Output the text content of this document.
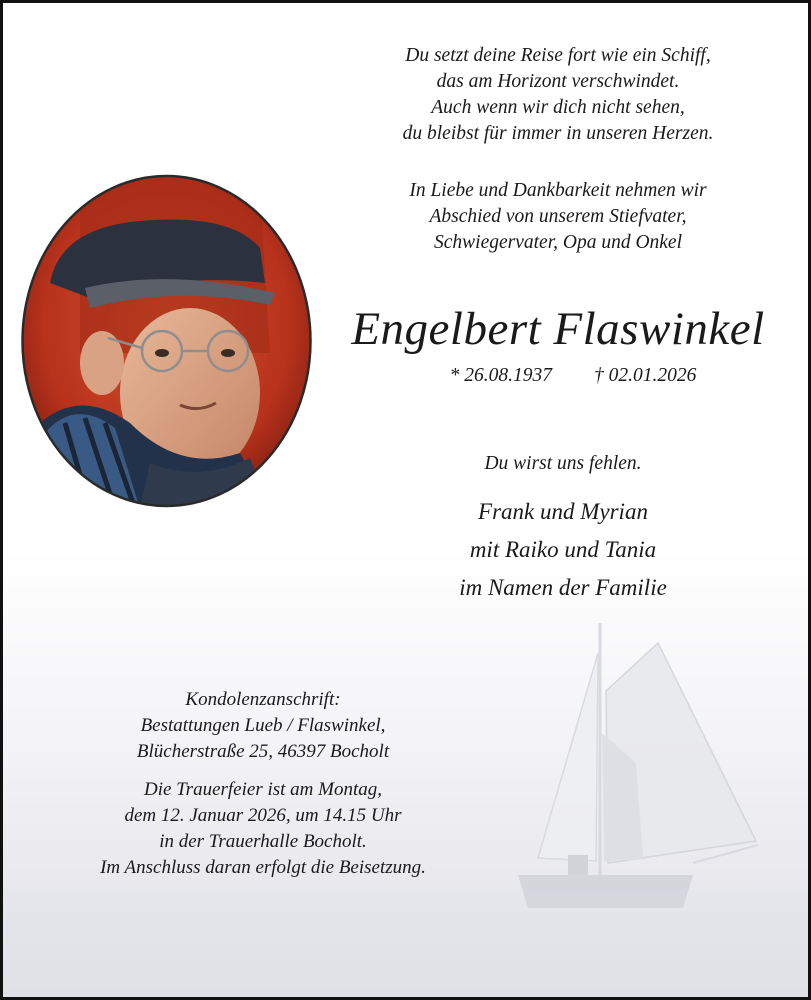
Du setzt deine Reise fort wie ein Schiff,
das am Horizont verschwindet.
Auch wenn wir dich nicht sehen,
du bleibst für immer in unseren Herzen.
In Liebe und Dankbarkeit nehmen wir
Abschied von unserem Stiefvater,
Schwiegervater, Opa und Onkel
Engelbert Flaswinkel
* 26.08.1937 † 02.01.2026
Du wirst uns fehlen.
Frank und Myrian
mit Raiko und Tania
im Namen der Familie
Kondolenzanschrift:
Bestattungen Lueb / Flaswinkel,
Blücherstraße 25, 46397 Bocholt
Die Trauerfeier ist am Montag,
dem 12. Januar 2026, um 14.15 Uhr
in der Trauerhalle Bocholt.
Im Anschluss daran erfolgt die Beisetzung.
